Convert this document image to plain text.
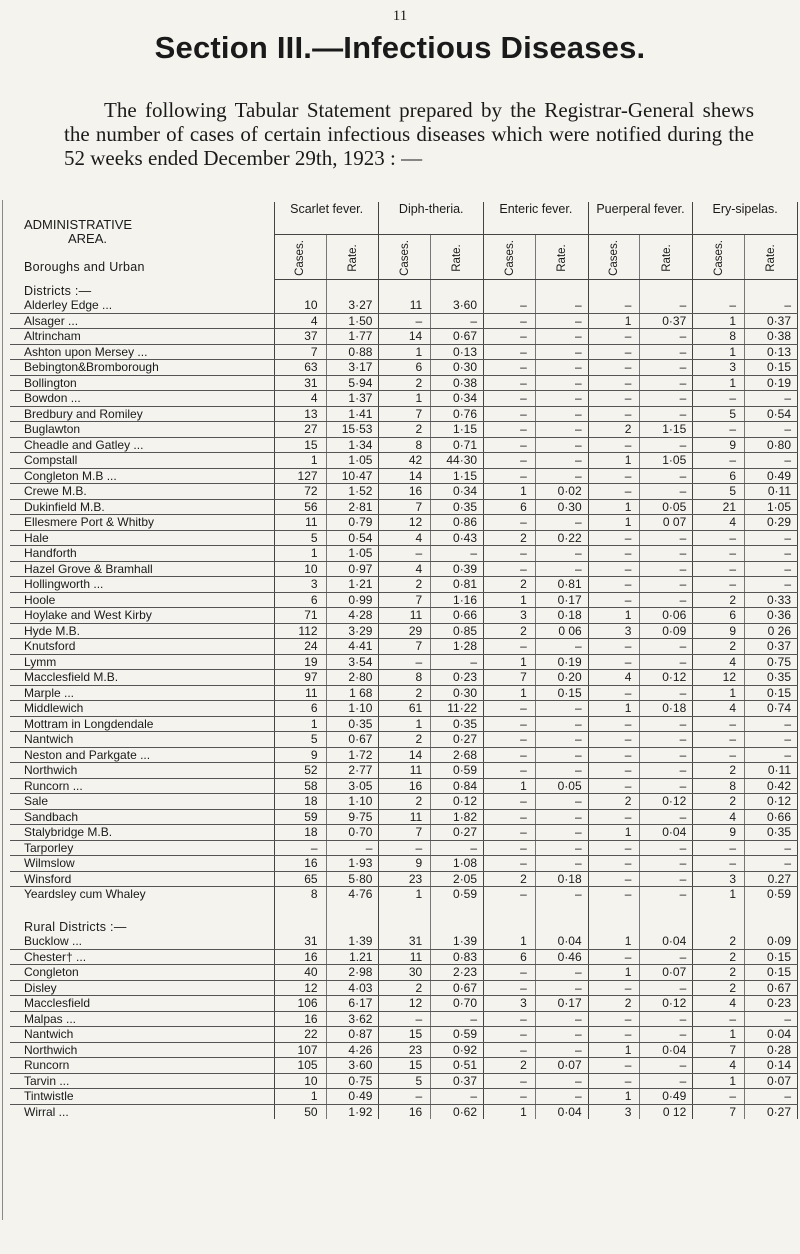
11
Section III.—Infectious Diseases.
The following Tabular Statement prepared by the Registrar-General shews the number of cases of certain infectious diseases which were notified during the 52 weeks ended December 29th, 1923 : —
ADMINISTRATIVE
AREA.
Boroughs and Urban	Scarlet fever.		Diph-theria.		Enteric fever.		Puerperal fever.		Ery-sipelas.	
	Cases.	Rate.	Cases.	Rate.	Cases.	Rate.	Cases.	Rate.	Cases.	Rate.
Districts :—										
Alderley Edge ...	10	3·27	11	3·60	–	–	–	–	–	–
Alsager ...	4	1·50	–	–	–	–	1	0·37	1	0·37
Altrincham	37	1·77	14	0·67	–	–	–	–	8	0·38
Ashton upon Mersey ...	7	0·88	1	0·13	–	–	–	–	1	0·13
Bebington&Bromborough	63	3·17	6	0·30	–	–	–	–	3	0·15
Bollington	31	5·94	2	0·38	–	–	–	–	1	0·19
Bowdon ...	4	1·37	1	0·34	–	–	–	–	–	–
Bredbury and Romiley	13	1·41	7	0·76	–	–	–	–	5	0·54
Buglawton	27	15·53	2	1·15	–	–	2	1·15	–	–
Cheadle and Gatley ...	15	1·34	8	0·71	–	–	–	–	9	0·80
Compstall	1	1·05	42	44·30	–	–	1	1·05	–	–
Congleton M.B ...	127	10·47	14	1·15	–	–	–	–	6	0·49
Crewe M.B.	72	1·52	16	0·34	1	0·02	–	–	5	0·11
Dukinfield M.B.	56	2·81	7	0·35	6	0·30	1	0·05	21	1·05
Ellesmere Port & Whitby	11	0·79	12	0·86	–	–	1	0 07	4	0·29
Hale	5	0·54	4	0·43	2	0·22	–	–	–	–
Handforth	1	1·05	–	–	–	–	–	–	–	–
Hazel Grove & Bramhall	10	0·97	4	0·39	–	–	–	–	–	–
Hollingworth ...	3	1·21	2	0·81	2	0·81	–	–	–	–
Hoole	6	0·99	7	1·16	1	0·17	–	–	2	0·33
Hoylake and West Kirby	71	4·28	11	0·66	3	0·18	1	0·06	6	0·36
Hyde M.B.	112	3·29	29	0·85	2	0 06	3	0·09	9	0 26
Knutsford	24	4·41	7	1·28	–	–	–	–	2	0·37
Lymm	19	3·54	–	–	1	0·19	–	–	4	0·75
Macclesfield M.B.	97	2·80	8	0·23	7	0·20	4	0·12	12	0·35
Marple ...	11	1 68	2	0·30	1	0·15	–	–	1	0·15
Middlewich	6	1·10	61	11·22	–	–	1	0·18	4	0·74
Mottram in Longdendale	1	0·35	1	0·35	–	–	–	–	–	–
Nantwich	5	0·67	2	0·27	–	–	–	–	–	–
Neston and Parkgate ...	9	1·72	14	2·68	–	–	–	–	–	–
Northwich	52	2·77	11	0·59	–	–	–	–	2	0·11
Runcorn ...	58	3·05	16	0·84	1	0·05	–	–	8	0·42
Sale	18	1·10	2	0·12	–	–	2	0·12	2	0·12
Sandbach	59	9·75	11	1·82	–	–	–	–	4	0·66
Stalybridge M.B.	18	0·70	7	0·27	–	–	1	0·04	9	0·35
Tarporley	–	–	–	–	–	–	–	–	–	–
Wilmslow	16	1·93	9	1·08	–	–	–	–	–	–
Winsford	65	5·80	23	2·05	2	0·18	–	–	3	0.27
Yeardsley cum Whaley	8	4·76	1	0·59	–	–	–	–	1	0·59

Rural Districts :—										
Bucklow ...	31	1·39	31	1·39	1	0·04	1	0·04	2	0·09
Chester† ...	16	1.21	11	0·83	6	0·46	–	–	2	0·15
Congleton	40	2·98	30	2·23	–	–	1	0·07	2	0·15
Disley	12	4·03	2	0·67	–	–	–	–	2	0·67
Macclesfield	106	6·17	12	0·70	3	0·17	2	0·12	4	0·23
Malpas ...	16	3·62	–	–	–	–	–	–	–	–
Nantwich	22	0·87	15	0·59	–	–	–	–	1	0·04
Northwich	107	4·26	23	0·92	–	–	1	0·04	7	0·28
Runcorn	105	3·60	15	0·51	2	0·07	–	–	4	0·14
Tarvin ...	10	0·75	5	0·37	–	–	–	–	1	0·07
Tintwistle	1	0·49	–	–	–	–	1	0·49	–	–
Wirral ...	50	1·92	16	0·62	1	0·04	3	0 12	7	0·27
